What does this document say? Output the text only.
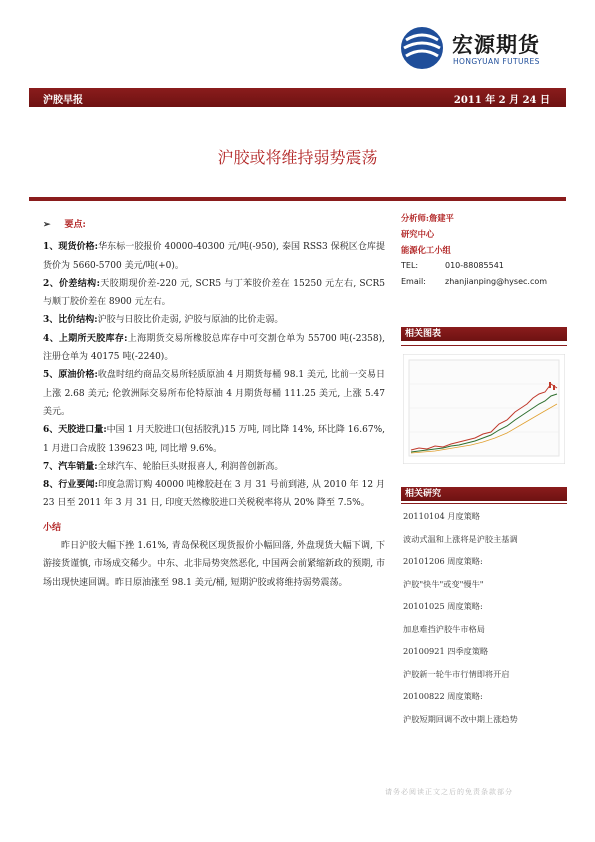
宏源期货
HONGYUAN FUTURES
沪胶早报	2011 年 2 月 24 日
沪胶或将维持弱势震荡

➢ 要点:

1、现货价格:华东标一胶报价 40000-40300 元/吨(-950), 泰国 RSS3 保税区仓库提货价为 5660-5700 美元/吨(+0)。

2、价差结构:天胶期现价差-220 元, SCR5 与丁苯胶价差在 15250 元左右, SCR5 与顺丁胶价差在 8900 元左右。

3、比价结构:沪胶与日胶比价走弱, 沪胶与原油的比价走弱。

4、上期所天胶库存:上海期货交易所橡胶总库存中可交割仓单为 55700 吨(-2358), 注册仓单为 40175 吨(-2240)。

5、原油价格:收盘时纽约商品交易所轻质原油 4 月期货每桶 98.1 美元, 比前一交易日上涨 2.68 美元; 伦敦洲际交易所布伦特原油 4 月期货每桶 111.25 美元, 上涨 5.47 美元。

6、天胶进口量:中国 1 月天胶进口(包括胶乳)15 万吨, 同比降 14%, 环比降 16.67%, 1 月进口合成胶 139623 吨, 同比增 9.6%。

7、汽车销量:全球汽车、轮胎巨头财报喜人, 利润普创新高。

8、行业要闻:印度急需订购 40000 吨橡胶赶在 3 月 31 号前到港, 从 2010 年 12 月 23 日至 2011 年 3 月 31 日, 印度天然橡胶进口关税税率将从 20% 降至 7.5%。

小结

昨日沪胶大幅下挫 1.61%, 青岛保税区现货报价小幅回落, 外盘现货大幅下调, 下游接货谨慎, 市场成交稀少。中东、北非局势突然恶化, 中国两会前紧缩新政的预期, 市场出现快速回调。昨日原油涨至 98.1 美元/桶, 短期沪胶或将维持弱势震荡。

分析师:詹建平
研究中心
能源化工小组
TEL:	010-88085541
Email: zhanjianping@hysec.com
相关图表
相关研究
20110104 月度策略
波动式温和上涨将是沪胶主基调
20101206 周度策略:
沪胶"快牛"或变"慢牛"
20101025 周度策略:
加息难挡沪胶牛市格局
20100921 四季度策略
沪胶新一轮牛市行情即将开启
20100822 周度策略:
沪胶短期回调不改中期上涨趋势
请务必阅读正文之后的免责条款部分
